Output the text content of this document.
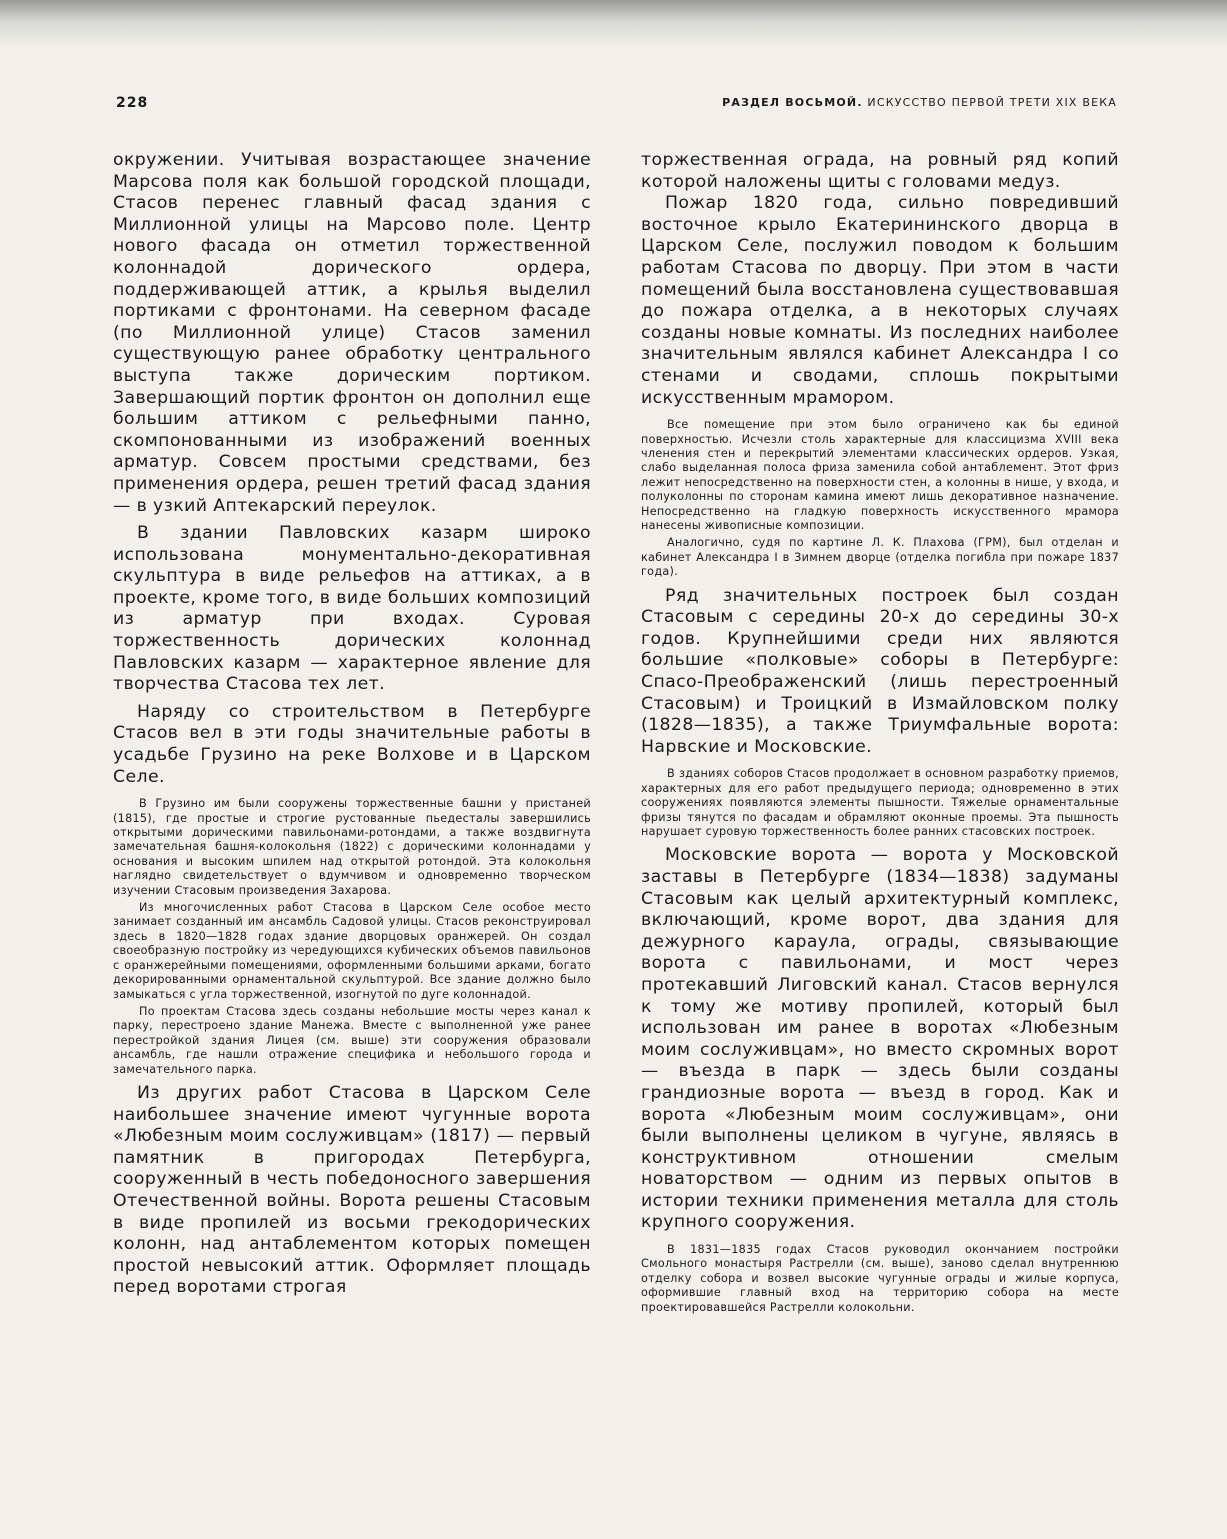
228	РАЗДЕЛ ВОСЬМОЙ. ИСКУССТВО ПЕРВОЙ ТРЕТИ XIX ВЕКА

окружении. Учитывая возрастающее значение Марсова поля как большой городской площади, Стасов перенес главный фасад здания с Миллионной улицы на Марсово поле. Центр нового фасада он отметил торжественной колоннадой дорического ордера, поддерживающей аттик, а крылья выделил портиками с фронтонами. На северном фасаде (по Миллионной улице) Стасов заменил существующую ранее обработку центрального выступа также дорическим портиком. Завершающий портик фронтон он дополнил еще большим аттиком с рельефными панно, скомпонованными из изображений военных арматур. Совсем простыми средствами, без применения ордера, решен третий фасад здания — в узкий Аптекарский переулок.

В здании Павловских казарм широко использована монументально-декоративная скульптура в виде рельефов на аттиках, а в проекте, кроме того, в виде больших композиций из арматур при входах. Суровая торжественность дорических колоннад Павловских казарм — характерное явление для творчества Стасова тех лет.

Наряду со строительством в Петербурге Стасов вел в эти годы значительные работы в усадьбе Грузино на реке Волхове и в Царском Селе.

В Грузино им были сооружены торжественные башни у пристаней (1815), где простые и строгие рустованные пьедесталы завершились открытыми дорическими павильонами-ротондами, а также воздвигнута замечательная башня-колокольня (1822) с дорическими колоннадами у основания и высоким шпилем над открытой ротондой. Эта колокольня наглядно свидетельствует о вдумчивом и одновременно творческом изучении Стасовым произведения Захарова.

Из многочисленных работ Стасова в Царском Селе особое место занимает созданный им ансамбль Садовой улицы. Стасов реконструировал здесь в 1820—1828 годах здание дворцовых оранжерей. Он создал своеобразную постройку из чередующихся кубических объемов павильонов с оранжерейными помещениями, оформленными большими арками, богато декорированными орнаментальной скульптурой. Все здание должно было замыкаться с угла торжественной, изогнутой по дуге колоннадой.

По проектам Стасова здесь созданы небольшие мосты через канал к парку, перестроено здание Манежа. Вместе с выполненной уже ранее перестройкой здания Лицея (см. выше) эти сооружения образовали ансамбль, где нашли отражение специфика и небольшого города и замечательного парка.

Из других работ Стасова в Царском Селе наибольшее значение имеют чугунные ворота «Любезным моим сослуживцам» (1817) — первый памятник в пригородах Петербурга, сооруженный в честь победоносного завершения Отечественной войны. Ворота решены Стасовым в виде пропилей из восьми грекодорических колонн, над антаблементом которых помещен простой невысокий аттик. Оформляет площадь перед воротами строгая

торжественная ограда, на ровный ряд копий которой наложены щиты с головами медуз.

Пожар 1820 года, сильно повредивший восточное крыло Екатерининского дворца в Царском Селе, послужил поводом к большим работам Стасова по дворцу. При этом в части помещений была восстановлена существовавшая до пожара отделка, а в некоторых случаях созданы новые комнаты. Из последних наиболее значительным являлся кабинет Александра I со стенами и сводами, сплошь покрытыми искусственным мрамором.

Все помещение при этом было ограничено как бы единой поверхностью. Исчезли столь характерные для классицизма XVIII века членения стен и перекрытий элементами классических ордеров. Узкая, слабо выделанная полоса фриза заменила собой антаблемент. Этот фриз лежит непосредственно на поверхности стен, а колонны в нише, у входа, и полуколонны по сторонам камина имеют лишь декоративное назначение. Непосредственно на гладкую поверхность искусственного мрамора нанесены живописные композиции.

Аналогично, судя по картине Л. К. Плахова (ГРМ), был отделан и кабинет Александра I в Зимнем дворце (отделка погибла при пожаре 1837 года).

Ряд значительных построек был создан Стасовым с середины 20-х до середины 30-х годов. Крупнейшими среди них являются большие «полковые» соборы в Петербурге: Спасо-Преображенский (лишь перестроенный Стасовым) и Троицкий в Измайловском полку (1828—1835), а также Триумфальные ворота: Нарвские и Московские.

В зданиях соборов Стасов продолжает в основном разработку приемов, характерных для его работ предыдущего периода; одновременно в этих сооружениях появляются элементы пышности. Тяжелые орнаментальные фризы тянутся по фасадам и обрамляют оконные проемы. Эта пышность нарушает суровую торжественность более ранних стасовских построек.

Московские ворота — ворота у Московской заставы в Петербурге (1834—1838) задуманы Стасовым как целый архитектурный комплекс, включающий, кроме ворот, два здания для дежурного караула, ограды, связывающие ворота с павильонами, и мост через протекавший Лиговский канал. Стасов вернулся к тому же мотиву пропилей, который был использован им ранее в воротах «Любезным моим сослуживцам», но вместо скромных ворот — въезда в парк — здесь были созданы грандиозные ворота — въезд в город. Как и ворота «Любезным моим сослуживцам», они были выполнены целиком в чугуне, являясь в конструктивном отношении смелым новаторством — одним из первых опытов в истории техники применения металла для столь крупного сооружения.

В 1831—1835 годах Стасов руководил окончанием постройки Смольного монастыря Растрелли (см. выше), заново сделал внутреннюю отделку собора и возвел высокие чугунные ограды и жилые корпуса, оформившие главный вход на территорию собора на месте проектировавшейся Растрелли колокольни.
